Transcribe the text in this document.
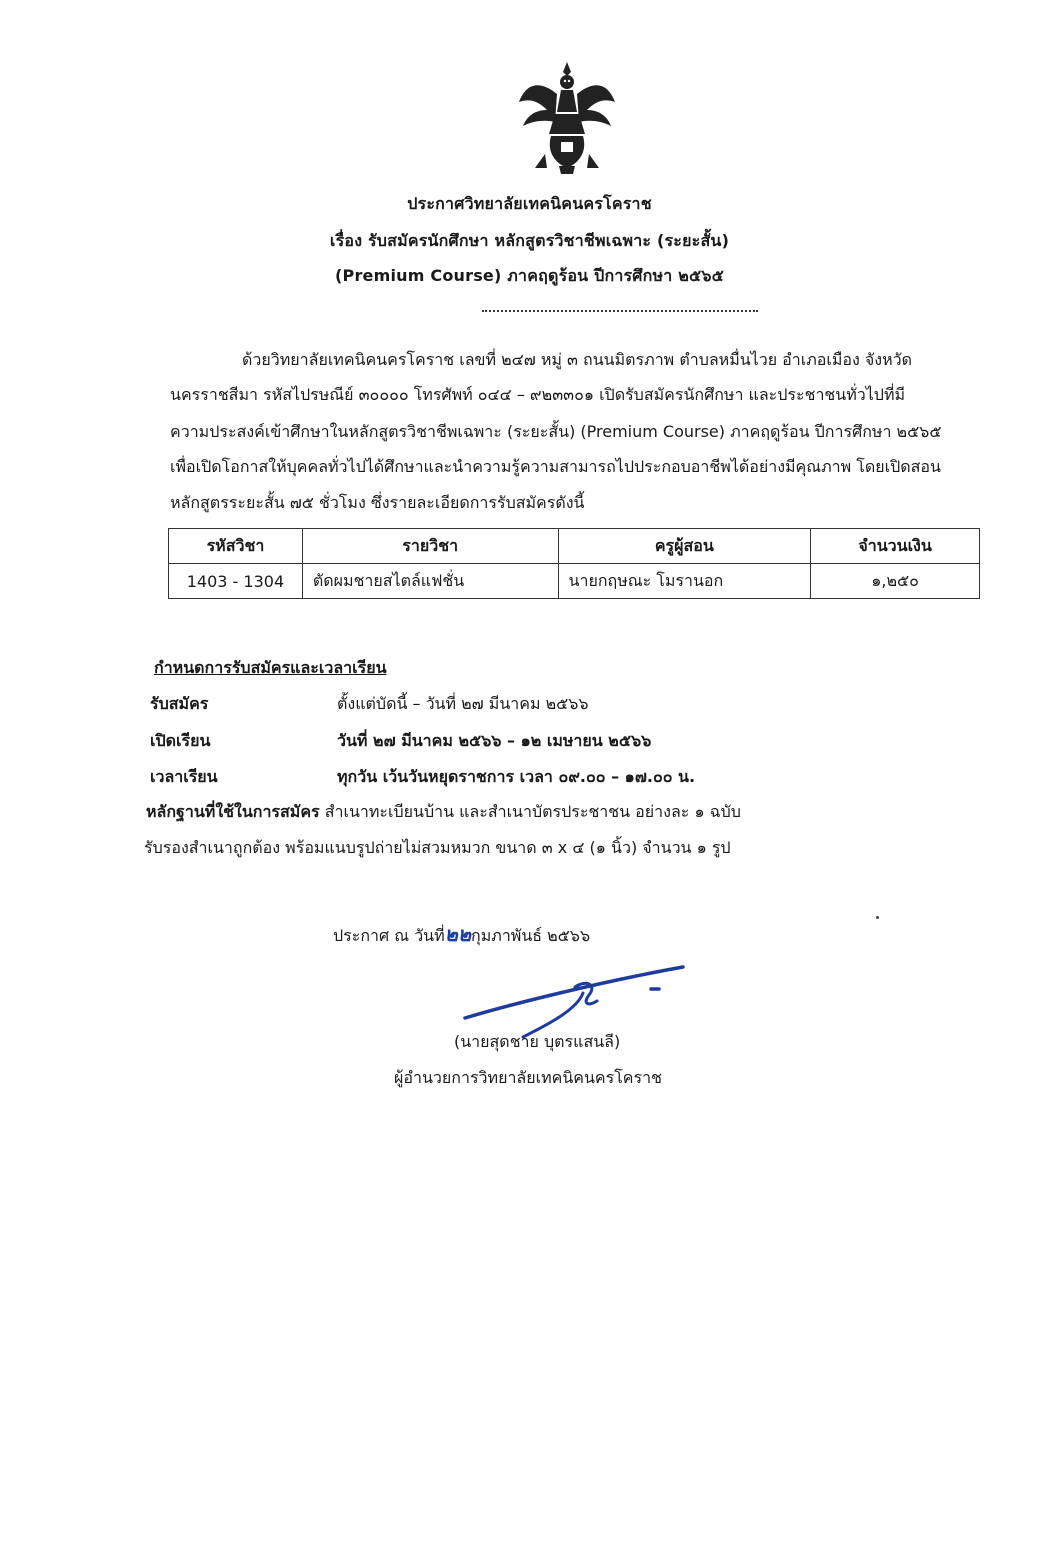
ประกาศวิทยาลัยเทคนิคนครโคราช
เรื่อง รับสมัครนักศึกษา หลักสูตรวิชาชีพเฉพาะ (ระยะสั้น)
(Premium Course) ภาคฤดูร้อน ปีการศึกษา ๒๕๖๕
ด้วยวิทยาลัยเทคนิคนครโคราช เลขที่ ๒๔๗ หมู่ ๓ ถนนมิตรภาพ ตำบลหมื่นไวย อำเภอเมือง จังหวัด
นครราชสีมา รหัสไปรษณีย์ ๓๐๐๐๐ โทรศัพท์ ๐๔๔ – ๙๒๓๓๐๑ เปิดรับสมัครนักศึกษา และประชาชนทั่วไปที่มี
ความประสงค์เข้าศึกษาในหลักสูตรวิชาชีพเฉพาะ (ระยะสั้น) (Premium Course) ภาคฤดูร้อน ปีการศึกษา ๒๕๖๕
เพื่อเปิดโอกาสให้บุคคลทั่วไปได้ศึกษาและนำความรู้ความสามารถไปประกอบอาชีพได้อย่างมีคุณภาพ โดยเปิดสอน
หลักสูตรระยะสั้น ๗๕ ชั่วโมง ซึ่งรายละเอียดการรับสมัครดังนี้
รหัสวิชา	รายวิชา	ครูผู้สอน	จำนวนเงิน
1403 - 1304	ตัดผมชายสไตล์แฟชั่น	นายกฤษณะ โมรานอก	๑,๒๕๐
กำหนดการรับสมัครและเวลาเรียน
รับสมัคร	ตั้งแต่บัดนี้ – วันที่ ๒๗ มีนาคม ๒๕๖๖
เปิดเรียน	วันที่ ๒๗ มีนาคม ๒๕๖๖ – ๑๒ เมษายน ๒๕๖๖
เวลาเรียน	ทุกวัน เว้นวันหยุดราชการ เวลา ๐๙.๐๐ – ๑๗.๐๐ น.
หลักฐานที่ใช้ในการสมัคร สำเนาทะเบียนบ้าน และสำเนาบัตรประชาชน อย่างละ ๑ ฉบับ
รับรองสำเนาถูกต้อง พร้อมแนบรูปถ่ายไม่สวมหมวก ขนาด ๓ x ๔ (๑ นิ้ว) จำนวน ๑ รูป
ประกาศ ณ วันที่๒๒กุมภาพันธ์ ๒๕๖๖
(นายสุดชาย บุตรแสนลี)
ผู้อำนวยการวิทยาลัยเทคนิคนครโคราช
